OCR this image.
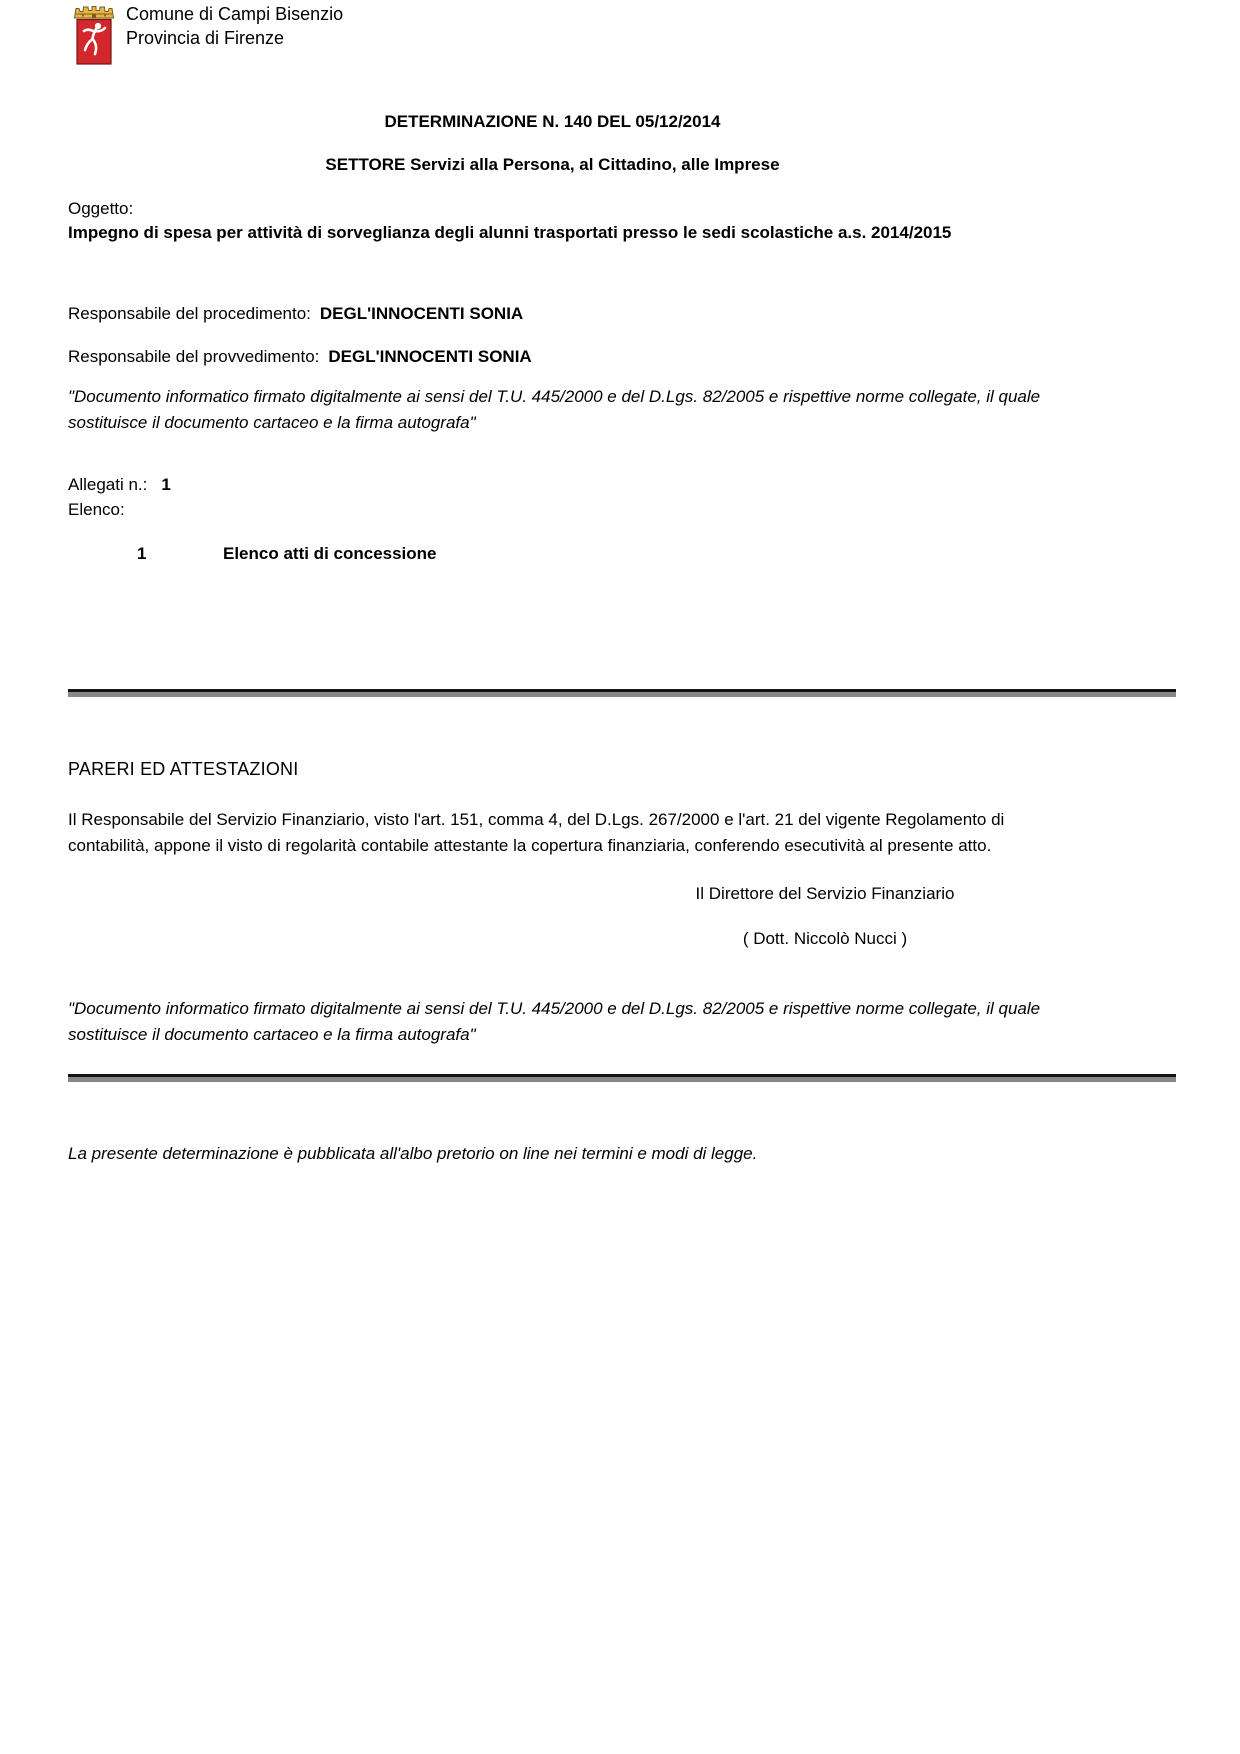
Comune di Campi Bisenzio
Provincia di Firenze
DETERMINAZIONE N. 140 DEL 05/12/2014
SETTORE Servizi alla Persona, al Cittadino, alle Imprese
Oggetto:
Impegno di spesa per attività di sorveglianza degli alunni trasportati presso le sedi scolastiche a.s. 2014/2015
Responsabile del procedimento: DEGL'INNOCENTI SONIA
Responsabile del provvedimento: DEGL'INNOCENTI SONIA
"Documento informatico firmato digitalmente ai sensi del T.U. 445/2000 e del D.Lgs. 82/2005 e rispettive norme collegate, il quale sostituisce il documento cartaceo e la firma autografa"
Allegati n.: 1
Elenco:
1	Elenco atti di concessione
PARERI ED ATTESTAZIONI
Il Responsabile del Servizio Finanziario, visto l'art. 151, comma 4, del D.Lgs. 267/2000 e l'art. 21 del vigente Regolamento di contabilità, appone il visto di regolarità contabile attestante la copertura finanziaria, conferendo esecutività al presente atto.
Il Direttore del Servizio Finanziario
( Dott. Niccolò Nucci )
"Documento informatico firmato digitalmente ai sensi del T.U. 445/2000 e del D.Lgs. 82/2005 e rispettive norme collegate, il quale sostituisce il documento cartaceo e la firma autografa"
La presente determinazione è pubblicata all'albo pretorio on line nei termini e modi di legge.
